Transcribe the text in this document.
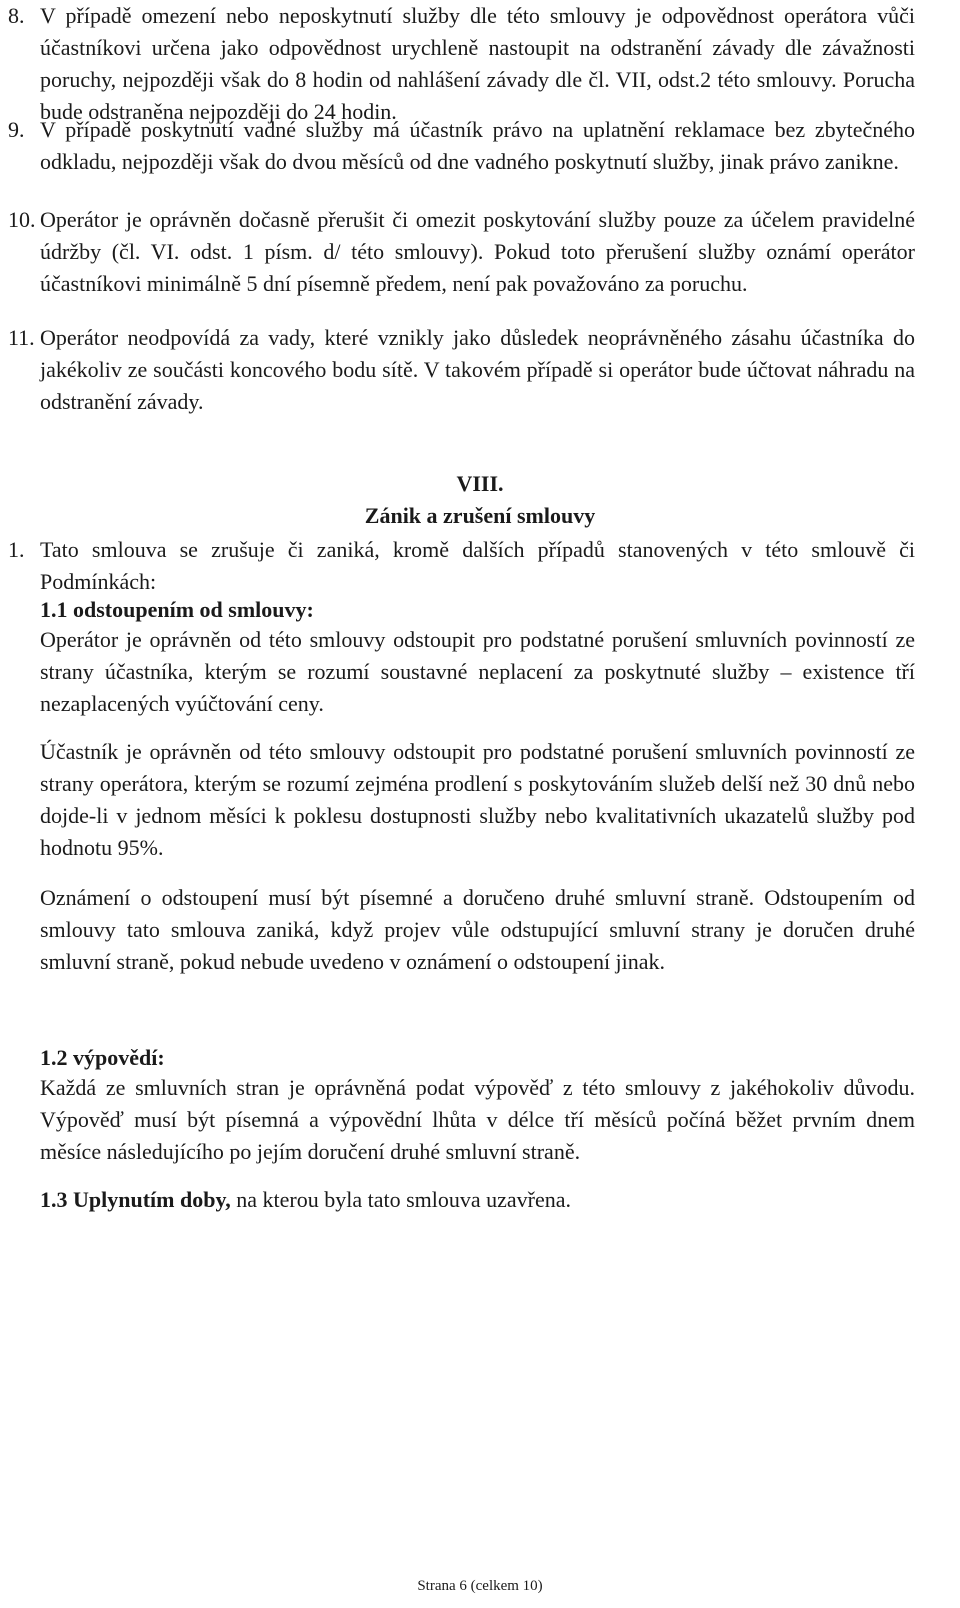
8. V případě omezení nebo neposkytnutí služby dle této smlouvy je odpovědnost operátora vůči účastníkovi určena jako odpovědnost urychleně nastoupit na odstranění závady dle závažnosti poruchy, nejpozději však do 8 hodin od nahlášení závady dle čl. VII, odst.2 této smlouvy. Porucha bude odstraněna nejpozději do 24 hodin.
9. V případě poskytnutí vadné služby má účastník právo na uplatnění reklamace bez zbytečného odkladu, nejpozději však do dvou měsíců od dne vadného poskytnutí služby, jinak právo zanikne.
10. Operátor je oprávněn dočasně přerušit či omezit poskytování služby pouze za účelem pravidelné údržby (čl. VI. odst. 1 písm. d/ této smlouvy). Pokud toto přerušení služby oznámí operátor účastníkovi minimálně 5 dní písemně předem, není pak považováno za poruchu.
11. Operátor neodpovídá za vady, které vznikly jako důsledek neoprávněného zásahu účastníka do jakékoliv ze součásti koncového bodu sítě. V takovém případě si operátor bude účtovat náhradu na odstranění závady.
VIII.
Zánik a zrušení smlouvy
1. Tato smlouva se zrušuje či zaniká, kromě dalších případů stanovených v této smlouvě či Podmínkách:
1.1 odstoupením od smlouvy:
Operátor je oprávněn od této smlouvy odstoupit pro podstatné porušení smluvních povinností ze strany účastníka, kterým se rozumí soustavné neplacení za poskytnuté služby – existence tří nezaplacených vyúčtování ceny.
Účastník je oprávněn od této smlouvy odstoupit pro podstatné porušení smluvních povinností ze strany operátora, kterým se rozumí zejména prodlení s poskytováním služeb delší než 30 dnů nebo dojde-li v jednom měsíci k poklesu dostupnosti služby nebo kvalitativních ukazatelů služby pod hodnotu 95%.
Oznámení o odstoupení musí být písemné a doručeno druhé smluvní straně. Odstoupením od smlouvy tato smlouva zaniká, když projev vůle odstupující smluvní strany je doručen druhé smluvní straně, pokud nebude uvedeno v oznámení o odstoupení jinak.
1.2 výpovědí:
Každá ze smluvních stran je oprávněná podat výpověď z této smlouvy z jakéhokoliv důvodu. Výpověď musí být písemná a výpovědní lhůta v délce tří měsíců počíná běžet prvním dnem měsíce následujícího po jejím doručení druhé smluvní straně.
1.3 Uplynutím doby, na kterou byla tato smlouva uzavřena.
Strana 6 (celkem 10)
